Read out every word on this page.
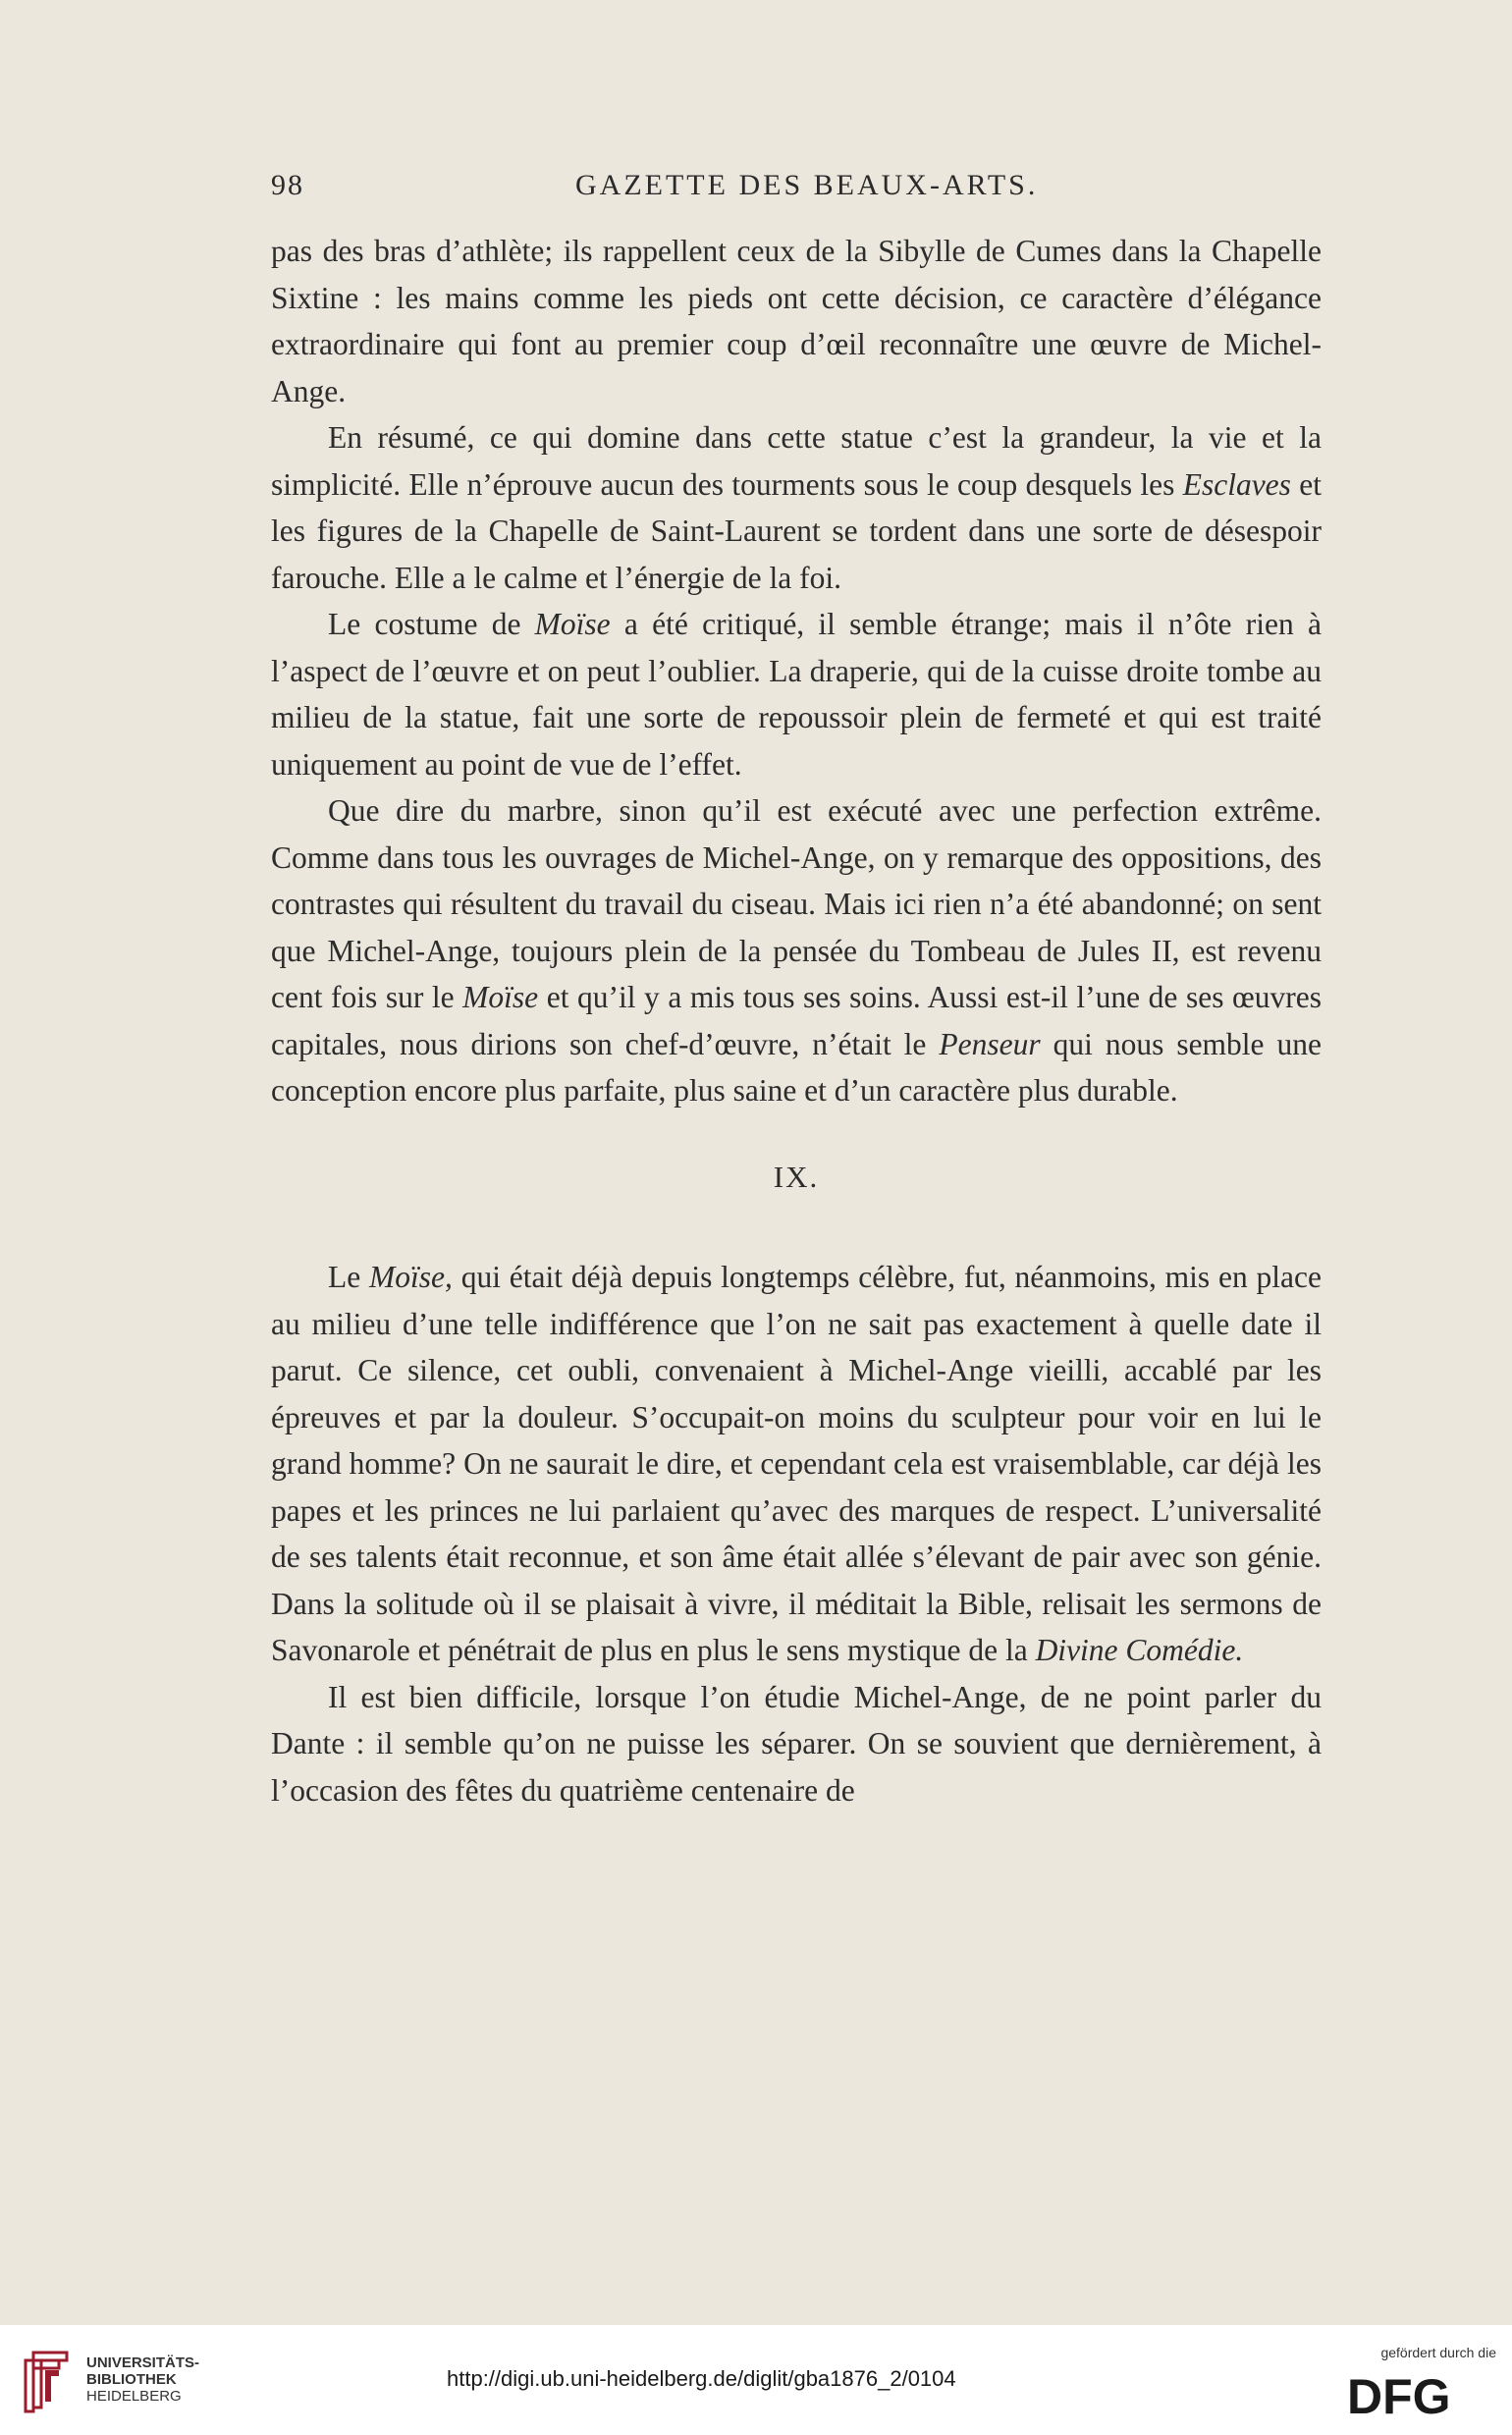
98	GAZETTE DES BEAUX-ARTS.

pas des bras d’athlète; ils rappellent ceux de la Sibylle de Cumes dans la Chapelle Sixtine : les mains comme les pieds ont cette décision, ce caractère d’élégance extraordinaire qui font au premier coup d’œil reconnaître une œuvre de Michel-Ange.

En résumé, ce qui domine dans cette statue c’est la grandeur, la vie et la simplicité. Elle n’éprouve aucun des tourments sous le coup desquels les Esclaves et les figures de la Chapelle de Saint-Laurent se tordent dans une sorte de désespoir farouche. Elle a le calme et l’énergie de la foi.

Le costume de Moïse a été critiqué, il semble étrange; mais il n’ôte rien à l’aspect de l’œuvre et on peut l’oublier. La draperie, qui de la cuisse droite tombe au milieu de la statue, fait une sorte de repoussoir plein de fermeté et qui est traité uniquement au point de vue de l’effet.

Que dire du marbre, sinon qu’il est exécuté avec une perfection extrême. Comme dans tous les ouvrages de Michel-Ange, on y remarque des oppositions, des contrastes qui résultent du travail du ciseau. Mais ici rien n’a été abandonné; on sent que Michel-Ange, toujours plein de la pensée du Tombeau de Jules II, est revenu cent fois sur le Moïse et qu’il y a mis tous ses soins. Aussi est-il l’une de ses œuvres capitales, nous dirions son chef-d’œuvre, n’était le Penseur qui nous semble une conception encore plus parfaite, plus saine et d’un caractère plus durable.

IX.

Le Moïse, qui était déjà depuis longtemps célèbre, fut, néanmoins, mis en place au milieu d’une telle indifférence que l’on ne sait pas exactement à quelle date il parut. Ce silence, cet oubli, convenaient à Michel-Ange vieilli, accablé par les épreuves et par la douleur. S’occupait-on moins du sculpteur pour voir en lui le grand homme? On ne saurait le dire, et cependant cela est vraisemblable, car déjà les papes et les princes ne lui parlaient qu’avec des marques de respect. L’universalité de ses talents était reconnue, et son âme était allée s’élevant de pair avec son génie. Dans la solitude où il se plaisait à vivre, il méditait la Bible, relisait les sermons de Savonarole et pénétrait de plus en plus le sens mystique de la Divine Comédie.

Il est bien difficile, lorsque l’on étudie Michel-Ange, de ne point parler du Dante : il semble qu’on ne puisse les séparer. On se souvient que dernièrement, à l’occasion des fêtes du quatrième centenaire de

UNIVERSITÄTS-
BIBLIOTHEK
HEIDELBERG
http://digi.ub.uni-heidelberg.de/diglit/gba1876_2/0104
gefördert durch die
DFG
